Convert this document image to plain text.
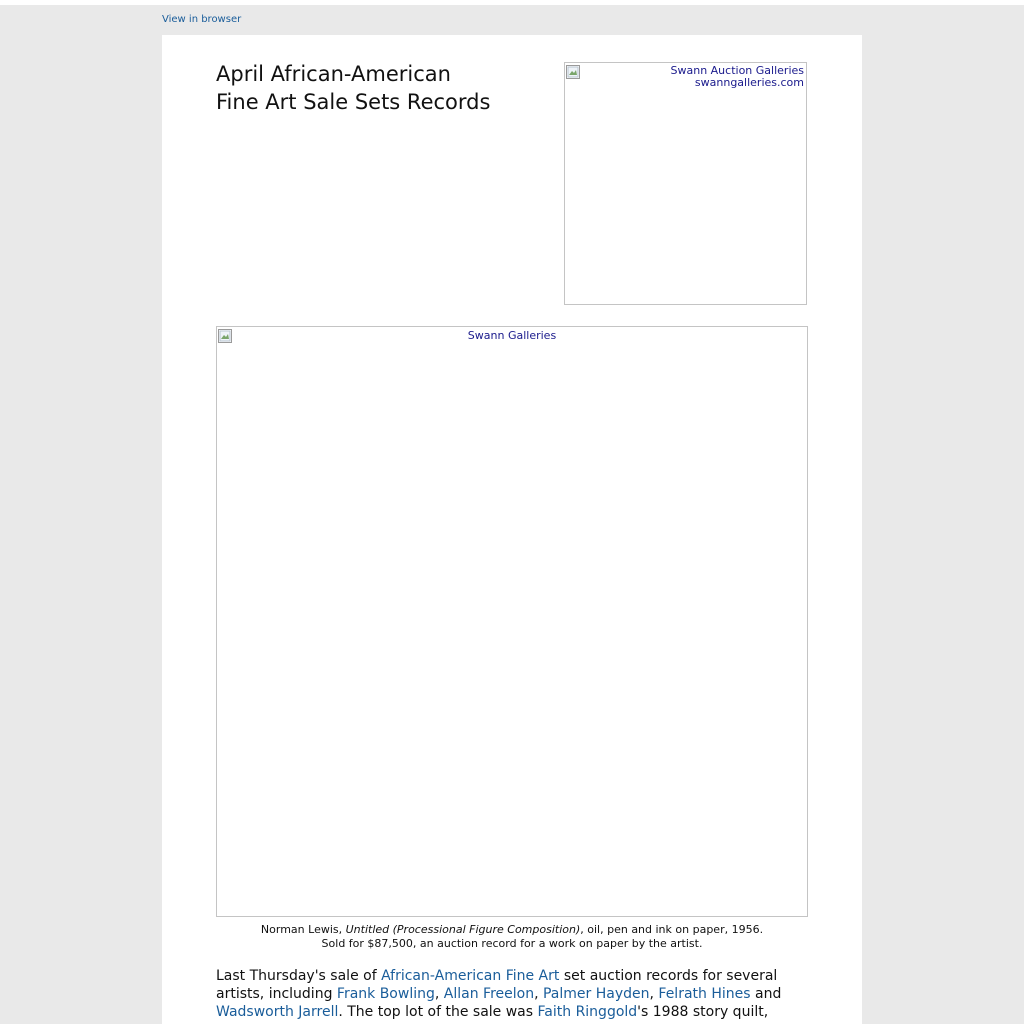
View in browser
April African-American
Fine Art Sale Sets Records
Swann Auction Galleries
swanngalleries.com
Swann Galleries
Norman Lewis, Untitled (Processional Figure Composition), oil, pen and ink on paper, 1956.
Sold for $87,500, an auction record for a work on paper by the artist.

Last Thursday's sale of African-American Fine Art set auction records for several artists, including Frank Bowling, Allan Freelon, Palmer Hayden, Felrath Hines and Wadsworth Jarrell. The top lot of the sale was Faith Ringgold's 1988 story quilt,
